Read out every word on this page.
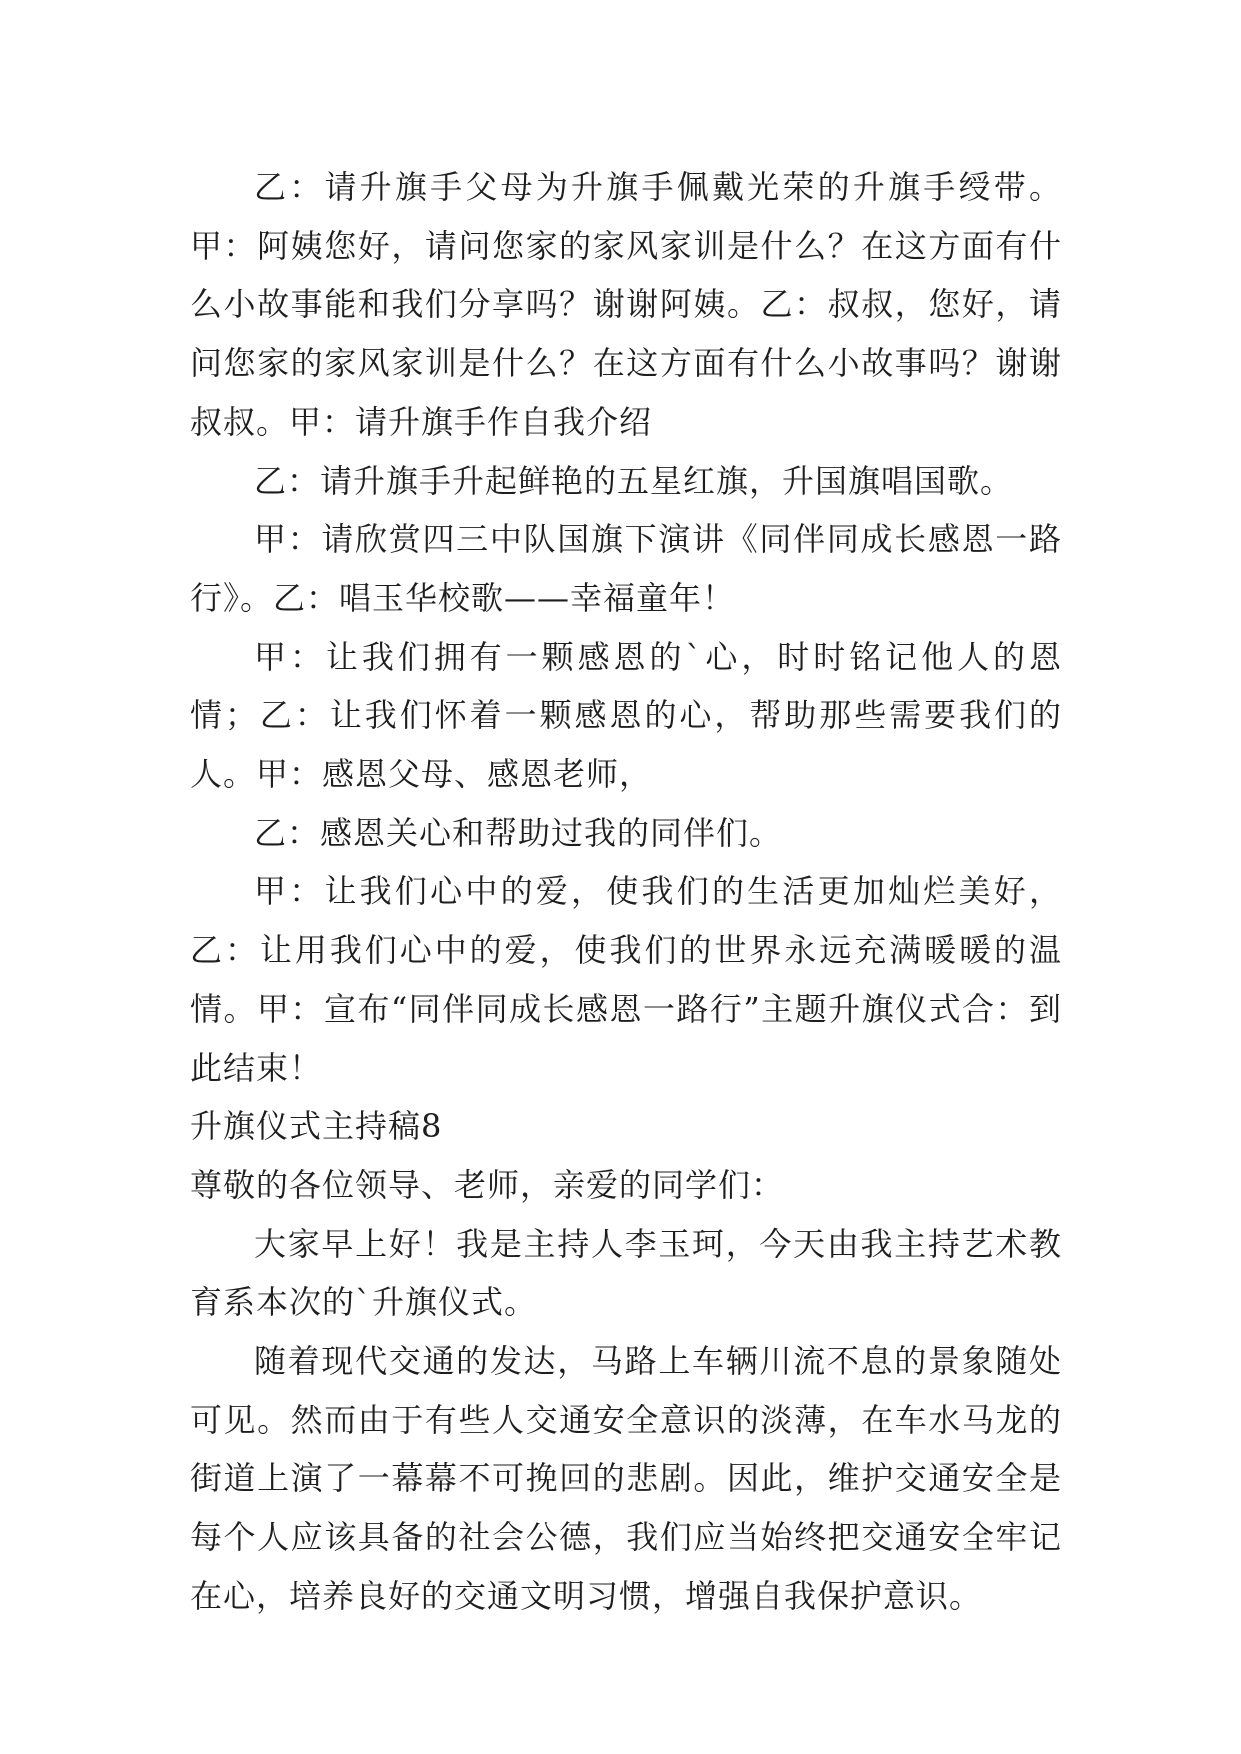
乙：请升旗手父母为升旗手佩戴光荣的升旗手绶带。甲：阿姨您好，请问您家的家风家训是什么？在这方面有什么小故事能和我们分享吗？谢谢阿姨。乙：叔叔，您好，请问您家的家风家训是什么？在这方面有什么小故事吗？谢谢叔叔。甲：请升旗手作自我介绍

乙：请升旗手升起鲜艳的五星红旗，升国旗唱国歌。

甲：请欣赏四三中队国旗下演讲《同伴同成长感恩一路行》。乙：唱玉华校歌——幸福童年！

甲：让我们拥有一颗感恩的`心，时时铭记他人的恩情；乙：让我们怀着一颗感恩的心，帮助那些需要我们的人。甲：感恩父母、感恩老师，

乙：感恩关心和帮助过我的同伴们。

甲：让我们心中的爱，使我们的生活更加灿烂美好，乙：让用我们心中的爱，使我们的世界永远充满暖暖的温情。甲：宣布“同伴同成长感恩一路行”主题升旗仪式合：到此结束！

升旗仪式主持稿8

尊敬的各位领导、老师，亲爱的同学们：

大家早上好！我是主持人李玉珂，今天由我主持艺术教育系本次的`升旗仪式。

随着现代交通的发达，马路上车辆川流不息的景象随处可见。然而由于有些人交通安全意识的淡薄，在车水马龙的街道上演了一幕幕不可挽回的悲剧。因此，维护交通安全是每个人应该具备的社会公德，我们应当始终把交通安全牢记在心，培养良好的交通文明习惯，增强自我保护意识。
